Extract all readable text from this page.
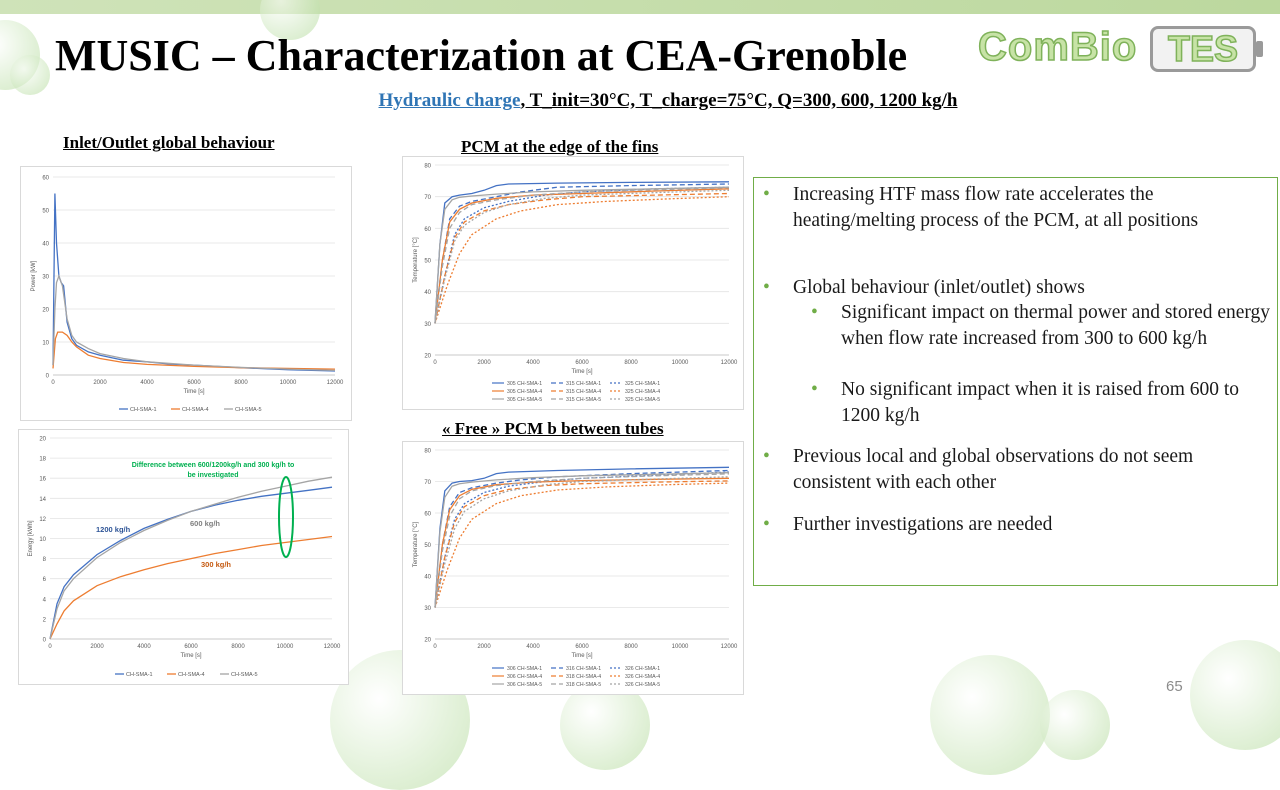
MUSIC – Characterization at CEA-Grenoble ComBio TES
Hydraulic charge, T_init=30°C, T_charge=75°C, Q=300, 600, 1200 kg/h
Inlet/Outlet global behaviour	PCM at the edge of the fins
« Free » PCM b between tubes
0
10
20
30
40
50
60
0	2000	4000	6000	8000	10000	12000
Time [s]
Power [kW]
CH-SMA-1	CH-SMA-4	CH-SMA-5
0
2
4
6
8
10
12
14
16
18
20
0	2000	4000	6000	8000	10000	12000
Time [s]
Energy [kWh]
CH-SMA-1	CH-SMA-4	CH-SMA-5
Difference between 600/1200kg/h and 300 kg/h to
be investigated
1200 kg/h
600 kg/h
300 kg/h
20
30
40
50
60
70
80
0	2000	4000	6000	8000	10000	12000
Time [s]
Temperature [°C]
305 CH-SMA-1	315 CH-SMA-1	325 CH-SMA-1
305 CH-SMA-4	315 CH-SMA-4	325 CH-SMA-4
305 CH-SMA-5	315 CH-SMA-5	325 CH-SMA-5
20
30
40
50
60
70
80
0	2000	4000	6000	8000	10000	12000
Time [s]
Temperature [°C]
306 CH-SMA-1	316 CH-SMA-1	326 CH-SMA-1
306 CH-SMA-4	318 CH-SMA-4	326 CH-SMA-4
306 CH-SMA-5	318 CH-SMA-5	326 CH-SMA-5
• Increasing HTF mass flow rate accelerates the heating/melting process of the PCM, at all positions
• Global behaviour (inlet/outlet) shows
• Significant impact on thermal power and stored energy when flow rate increased from 300 to 600 kg/h
• No significant impact when it is raised from 600 to 1200 kg/h
• Previous local and global observations do not seem consistent with each other
• Further investigations are needed
65
